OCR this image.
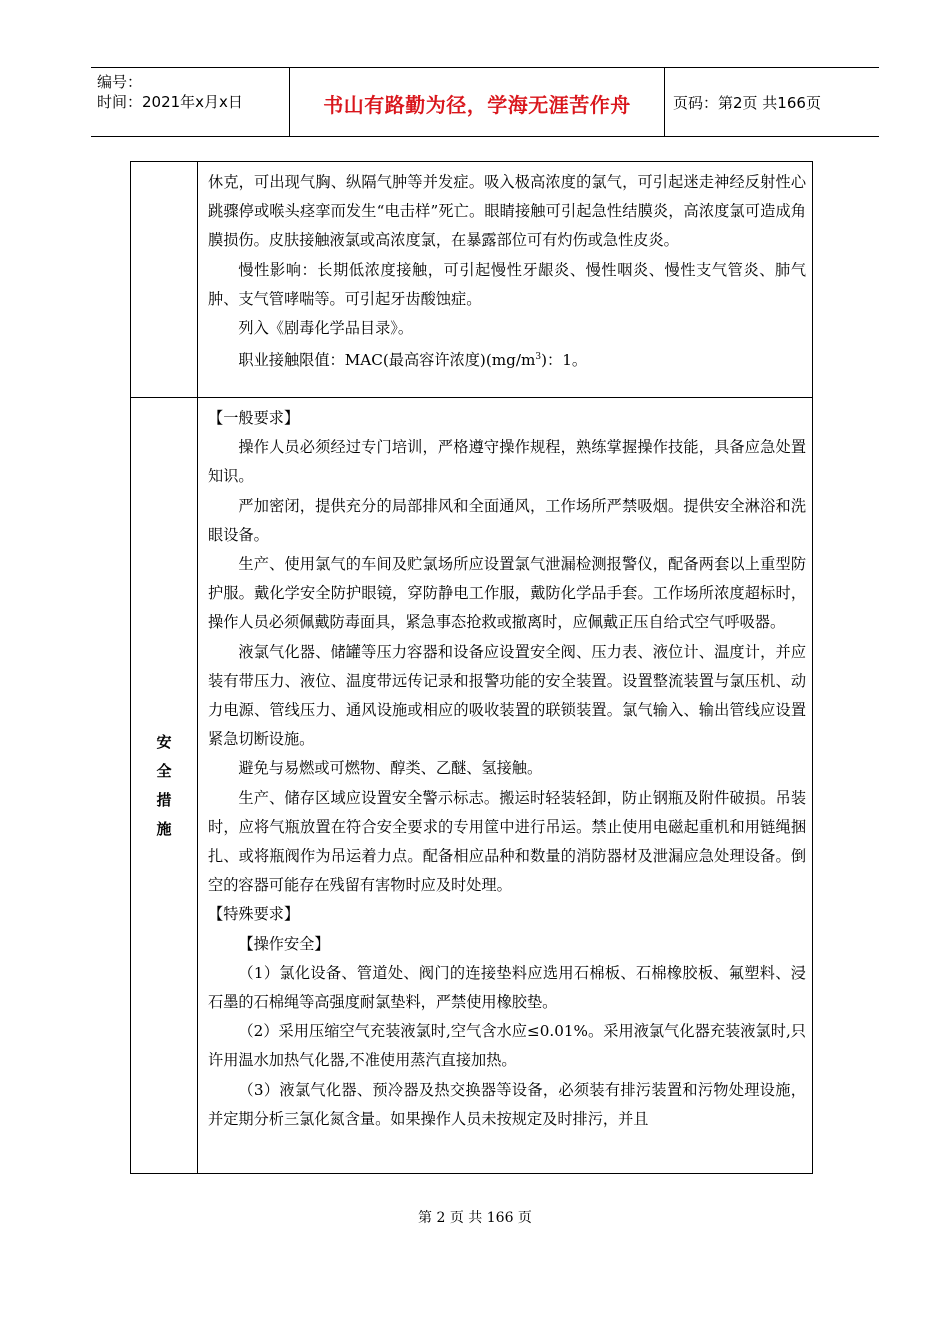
编号：
时间：2021年x月x日	书山有路勤为径，学海无涯苦作舟	页码：第2页 共166页

休克，可出现气胸、纵隔气肿等并发症。吸入极高浓度的氯气，可引起迷走神经反射性心跳骤停或喉头痉挛而发生“电击样”死亡。眼睛接触可引起急性结膜炎，高浓度氯可造成角膜损伤。皮肤接触液氯或高浓度氯，在暴露部位可有灼伤或急性皮炎。

慢性影响：长期低浓度接触，可引起慢性牙龈炎、慢性咽炎、慢性支气管炎、肺气肿、支气管哮喘等。可引起牙齿酸蚀症。

列入《剧毒化学品目录》。

职业接触限值：MAC(最高容许浓度)$(mg/m^3)$：1。

安
全
措
施

【一般要求】

操作人员必须经过专门培训，严格遵守操作规程，熟练掌握操作技能，具备应急处置知识。

严加密闭，提供充分的局部排风和全面通风，工作场所严禁吸烟。提供安全淋浴和洗眼设备。

生产、使用氯气的车间及贮氯场所应设置氯气泄漏检测报警仪，配备两套以上重型防护服。戴化学安全防护眼镜，穿防静电工作服，戴防化学品手套。工作场所浓度超标时，操作人员必须佩戴防毒面具，紧急事态抢救或撤离时，应佩戴正压自给式空气呼吸器。

液氯气化器、储罐等压力容器和设备应设置安全阀、压力表、液位计、温度计，并应装有带压力、液位、温度带远传记录和报警功能的安全装置。设置整流装置与氯压机、动力电源、管线压力、通风设施或相应的吸收装置的联锁装置。氯气输入、输出管线应设置紧急切断设施。

避免与易燃或可燃物、醇类、乙醚、氢接触。

生产、储存区域应设置安全警示标志。搬运时轻装轻卸，防止钢瓶及附件破损。吊装时，应将气瓶放置在符合安全要求的专用筐中进行吊运。禁止使用电磁起重机和用链绳捆扎、或将瓶阀作为吊运着力点。配备相应品种和数量的消防器材及泄漏应急处理设备。倒空的容器可能存在残留有害物时应及时处理。

【特殊要求】

【操作安全】

（1）氯化设备、管道处、阀门的连接垫料应选用石棉板、石棉橡胶板、氟塑料、浸石墨的石棉绳等高强度耐氯垫料，严禁使用橡胶垫。

（2）采用压缩空气充装液氯时,空气含水应≤0.01%。采用液氯气化器充装液氯时,只许用温水加热气化器,不准使用蒸汽直接加热。

（3）液氯气化器、预冷器及热交换器等设备，必须装有排污装置和污物处理设施，并定期分析三氯化氮含量。如果操作人员未按规定及时排污，并且

第 2 页 共 166 页
